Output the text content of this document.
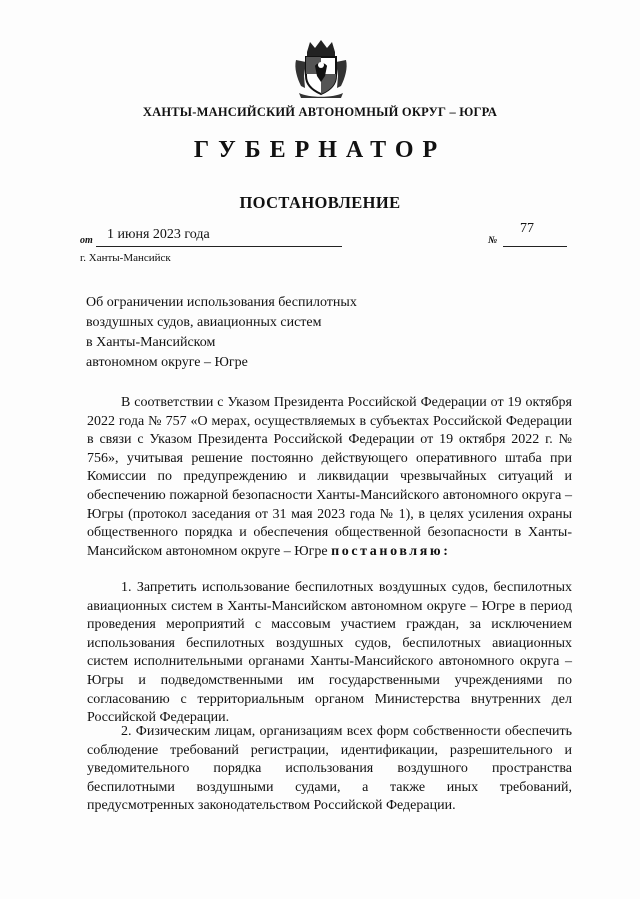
ХАНТЫ-МАНСИЙСКИЙ АВТОНОМНЫЙ ОКРУГ – ЮГРА
ГУБЕРНАТОР
ПОСТАНОВЛЕНИЕ
от 1 июня 2023 года	№
77
г. Ханты-Мансийск
Об ограничении использования беспилотных
воздушных судов, авиационных систем
в Ханты-Мансийском
автономном округе – Югре
В соответствии с Указом Президента Российской Федерации от 19 октября 2022 года № 757 «О мерах, осуществляемых в субъектах Российской Федерации в связи с Указом Президента Российской Федерации от 19 октября 2022 г. № 756», учитывая решение постоянно действующего оперативного штаба при Комиссии по предупреждению и ликвидации чрезвычайных ситуаций и обеспечению пожарной безопасности Ханты-Мансийского автономного округа – Югры (протокол заседания от 31 мая 2023 года № 1), в целях усиления охраны общественного порядка и обеспечения общественной безопасности в Ханты-Мансийском автономном округе – Югре постановляю:
1. Запретить использование беспилотных воздушных судов, беспилотных авиационных систем в Ханты-Мансийском автономном округе – Югре в период проведения мероприятий с массовым участием граждан, за исключением использования беспилотных воздушных судов, беспилотных авиационных систем исполнительными органами Ханты-Мансийского автономного округа – Югры и подведомственными им государственными учреждениями по согласованию с территориальным органом Министерства внутренних дел Российской Федерации.
2. Физическим лицам, организациям всех форм собственности обеспечить соблюдение требований регистрации, идентификации, разрешительного и уведомительного порядка использования воздушного пространства беспилотными воздушными судами, а также иных требований, предусмотренных законодательством Российской Федерации.
